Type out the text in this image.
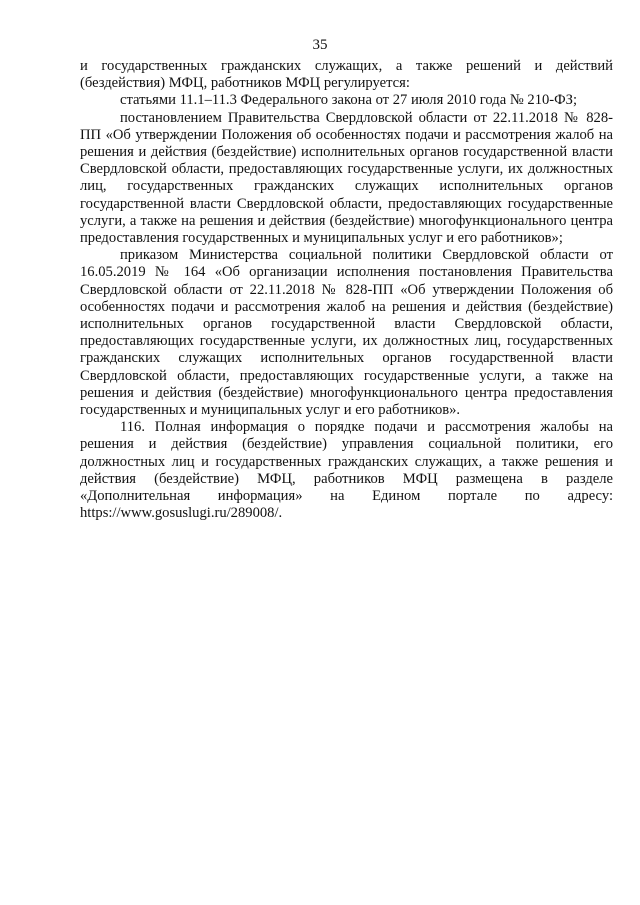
35

и государственных гражданских служащих, а также решений и действий (бездействия) МФЦ, работников МФЦ регулируется:

статьями 11.1–11.3 Федерального закона от 27 июля 2010 года № 210-ФЗ;

постановлением Правительства Свердловской области от 22.11.2018 № 828-ПП «Об утверждении Положения об особенностях подачи и рассмотрения жалоб на решения и действия (бездействие) исполнительных органов государственной власти Свердловской области, предоставляющих государственные услуги, их должностных лиц, государственных гражданских служащих исполнительных органов государственной власти Свердловской области, предоставляющих государственные услуги, а также на решения и действия (бездействие) многофункционального центра предоставления государственных и муниципальных услуг и его работников»;

приказом Министерства социальной политики Свердловской области от 16.05.2019 № 164 «Об организации исполнения постановления Правительства Свердловской области от 22.11.2018 № 828-ПП «Об утверждении Положения об особенностях подачи и рассмотрения жалоб на решения и действия (бездействие) исполнительных органов государственной власти Свердловской области, предоставляющих государственные услуги, их должностных лиц, государственных гражданских служащих исполнительных органов государственной власти Свердловской области, предоставляющих государственные услуги, а также на решения и действия (бездействие) многофункционального центра предоставления государственных и муниципальных услуг и его работников».

116. Полная информация о порядке подачи и рассмотрения жалобы на решения и действия (бездействие) управления социальной политики, его должностных лиц и государственных гражданских служащих, а также решения и действия (бездействие) МФЦ, работников МФЦ размещена в разделе «Дополнительная информация» на Едином портале по адресу: https://www.gosuslugi.ru/289008/.
